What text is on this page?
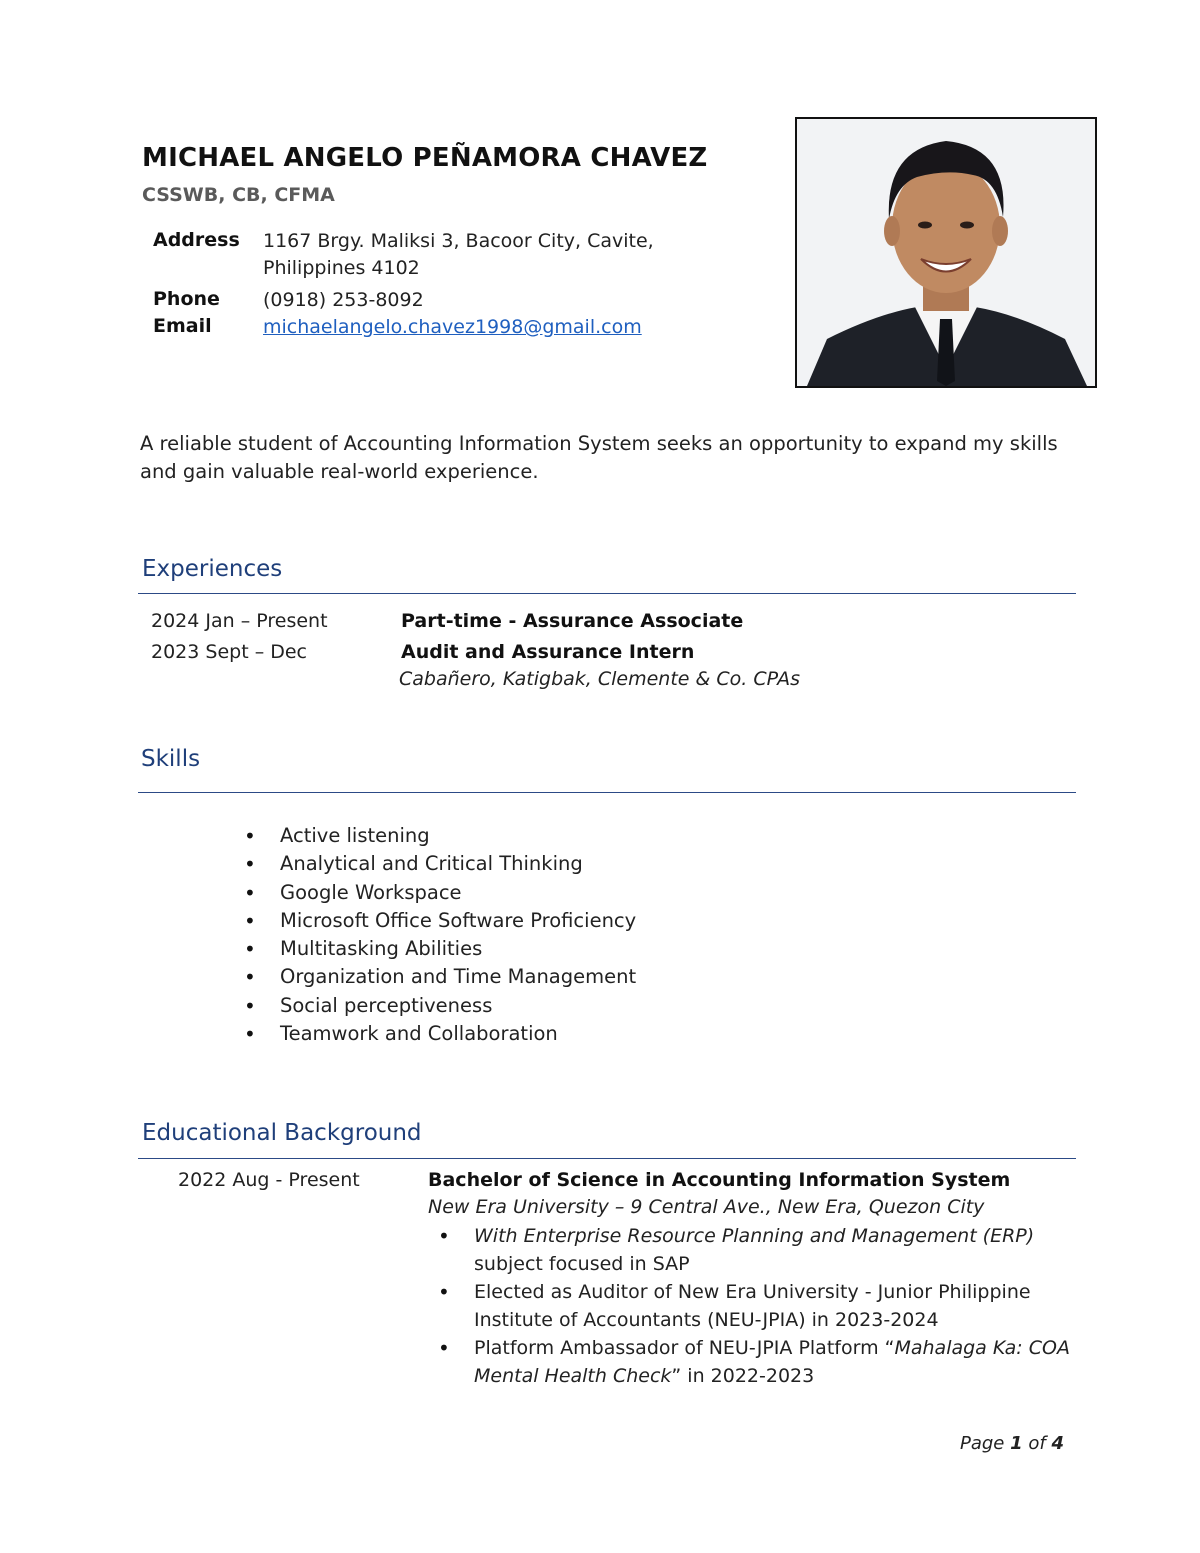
MICHAEL ANGELO PEÑAMORA CHAVEZ
CSSWB, CB, CFMA
Address 1167 Brgy. Maliksi 3, Bacoor City, Cavite,
Philippines 4102
Phone (0918) 253-8092
Email	michaelangelo.chavez1998@gmail.com
A reliable student of Accounting Information System seeks an opportunity to expand my skills and gain valuable real-world experience.
Experiences
2024 Jan – Present	Part-time - Assurance Associate
2023 Sept – Dec	Audit and Assurance Intern
Cabañero, Katigbak, Clemente & Co. CPAs
Skills
• Active listening
• Analytical and Critical Thinking
• Google Workspace
• Microsoft Office Software Proficiency
• Multitasking Abilities
• Organization and Time Management
• Social perceptiveness
• Teamwork and Collaboration
Educational Background
2022 Aug - Present	Bachelor of Science in Accounting Information System
New Era University – 9 Central Ave., New Era, Quezon City
• With Enterprise Resource Planning and Management (ERP) subject focused in SAP
• Elected as Auditor of New Era University - Junior Philippine Institute of Accountants (NEU-JPIA) in 2023-2024
• Platform Ambassador of NEU-JPIA Platform “Mahalaga Ka: COA Mental Health Check” in 2022-2023
Page 1 of 4
